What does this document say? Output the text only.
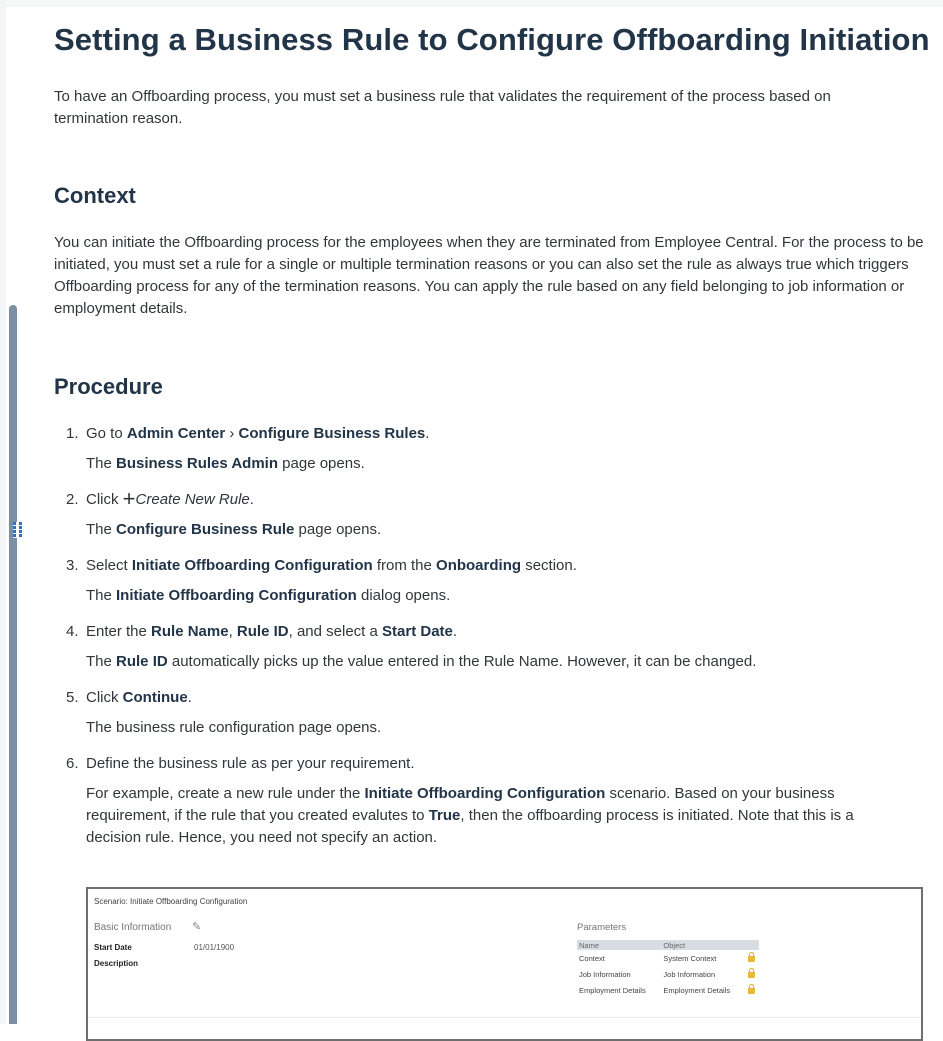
Setting a Business Rule to Configure Offboarding Initiation
To have an Offboarding process, you must set a business rule that validates the requirement of the process based on termination reason.
Context
You can initiate the Offboarding process for the employees when they are terminated from Employee Central. For the process to be initiated, you must set a rule for a single or multiple termination reasons or you can also set the rule as always true which triggers Offboarding process for any of the termination reasons. You can apply the rule based on any field belonging to job information or employment details.
Procedure
1. Go to Admin Center › Configure Business Rules.
The Business Rules Admin page opens.
2. Click +Create New Rule.
The Configure Business Rule page opens.
3. Select Initiate Offboarding Configuration from the Onboarding section.
The Initiate Offboarding Configuration dialog opens.
4. Enter the Rule Name, Rule ID, and select a Start Date.
The Rule ID automatically picks up the value entered in the Rule Name. However, it can be changed.
5. Click Continue.
The business rule configuration page opens.
6. Define the business rule as per your requirement.
For example, create a new rule under the Initiate Offboarding Configuration scenario. Based on your business requirement, if the rule that you created evalutes to True, then the offboarding process is initiated. Note that this is a decision rule. Hence, you need not specify an action.
Scenario: Initiate Offboarding Configuration
Basic Information ✎
Start Date	01/01/1900
Description
Parameters
Name	Object	
Context	System Context	
Job Information	Job Information	
Employment Details	Employment Details	
